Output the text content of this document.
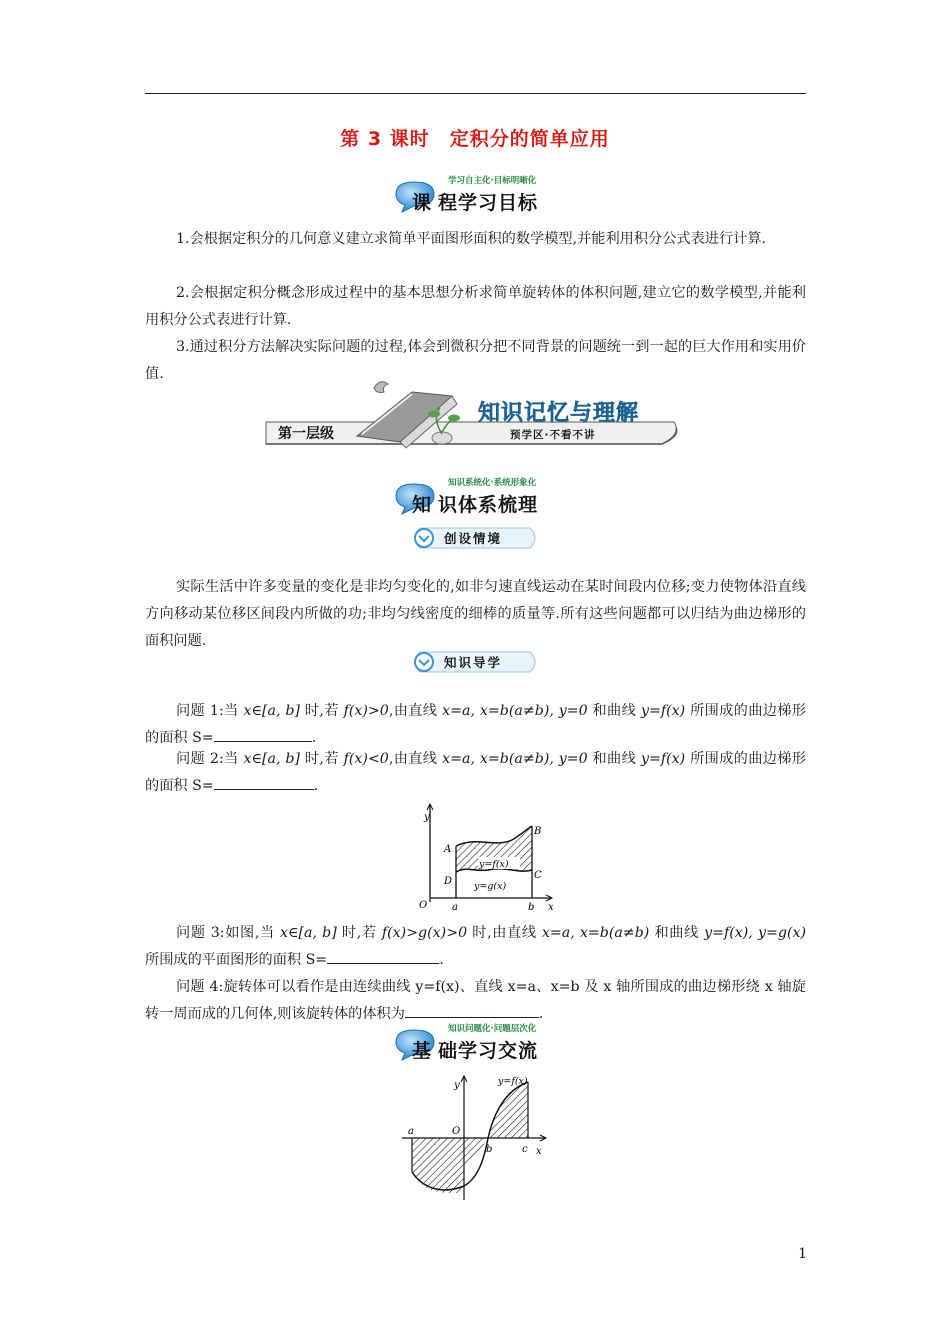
第 3 课时　定积分的简单应用
学习自主化·目标明晰化
课 程学习目标
1.会根据定积分的几何意义建立求简单平面图形面积的数学模型,并能利用积分公式表进行计算.
2.会根据定积分概念形成过程中的基本思想分析求简单旋转体的体积问题,建立它的数学模型,并能利用积分公式表进行计算.
3.通过积分方法解决实际问题的过程,体会到微积分把不同背景的问题统一到一起的巨大作用和实用价值.
第一层级
知识记忆与理解
预学区·不看不讲
知识系统化·系统形象化
知 识体系梳理
创设情境
实际生活中许多变量的变化是非均匀变化的,如非匀速直线运动在某时间段内位移;变力使物体沿直线方向移动某位移区间段内所做的功;非均匀线密度的细棒的质量等.所有这些问题都可以归结为曲边梯形的面积问题.
知识导学
问题 1:当 x∈[a, b] 时,若 f(x)>0,由直线 x=a, x=b(a≠b), y=0 和曲线 y=f(x) 所围成的曲边梯形的面积 S=	.
问题 2:当 x∈[a, b] 时,若 f(x)<0,由直线 x=a, x=b(a≠b), y=0 和曲线 y=f(x) 所围成的曲边梯形的面积 S=	.
y
x
O
A
B
C
D
a	b
y=f(x)
y=g(x)
问题 3:如图,当 x∈[a, b] 时,若 f(x)>g(x)>0 时,由直线 x=a, x=b(a≠b) 和曲线 y=f(x), y=g(x) 所围成的平面图形的面积 S=	.
问题 4:旋转体可以看作是由连续曲线 y=f(x)、直线 x=a、x=b 及 x 轴所围成的曲边梯形绕 x 轴旋转一周而成的几何体,则该旋转体的体积为	.
知识问题化·问题层次化
基 础学习交流
y
x
O
a
b	c
y=f(x)
1
